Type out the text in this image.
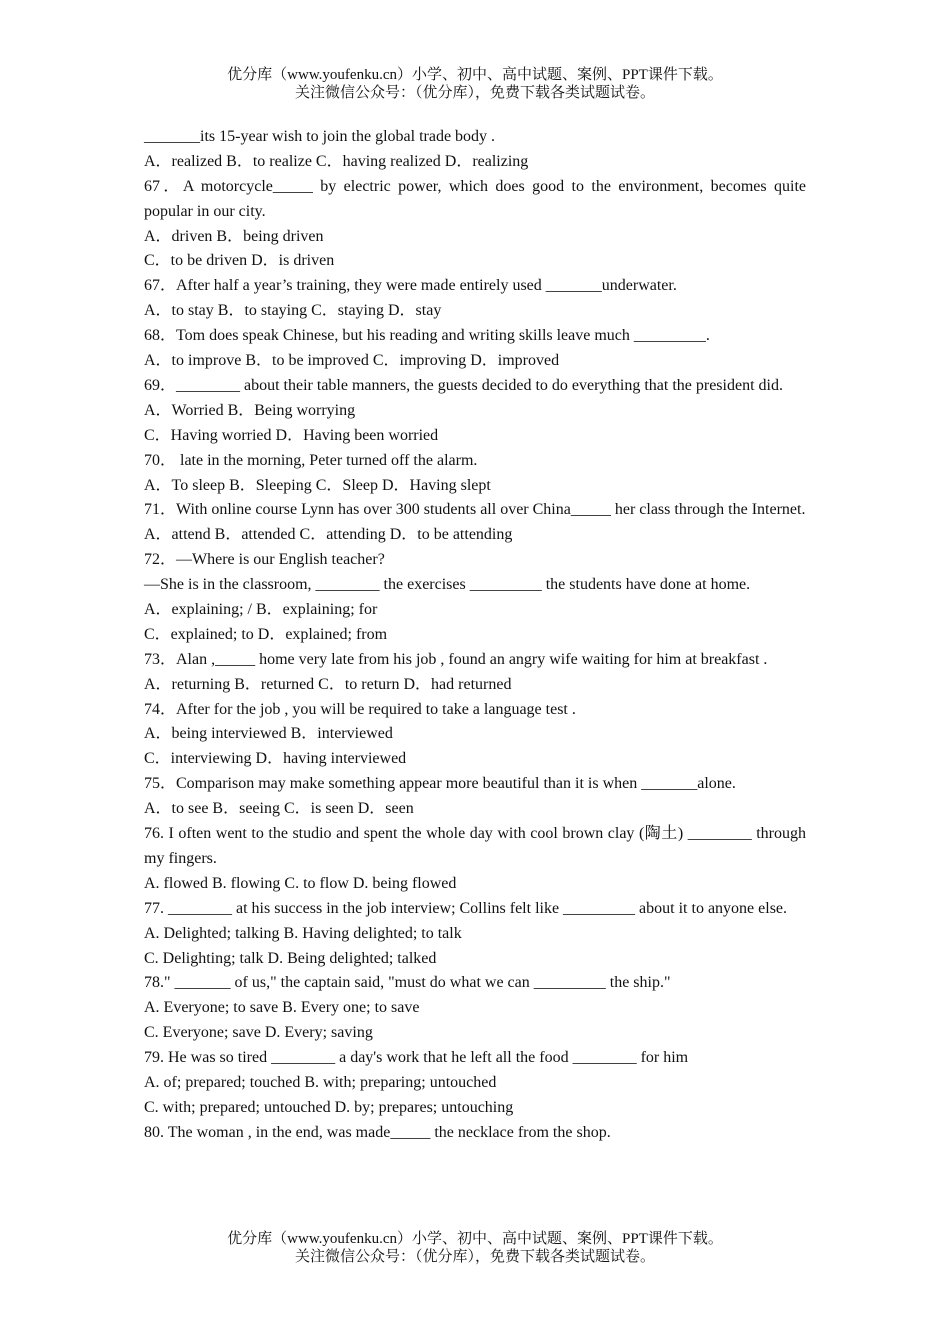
优分库（www.youfenku.cn）小学、初中、高中试题、案例、PPT课件下载。
关注微信公众号：（优分库），免费下载各类试题试卷。
_______its 15-year wish to join the global trade body .
A．realized B．to realize C．having realized D．realizing
67．A motorcycle_____ by electric power, which does good to the environment, becomes quite popular in our city.
A．driven B．being driven
C．to be driven D．is driven
67．After half a year’s training, they were made entirely used _______underwater.
A．to stay B．to staying C．staying D．stay
68．Tom does speak Chinese, but his reading and writing skills leave much _________.
A．to improve B．to be improved C．improving D．improved
69．________ about their table manners, the guests decided to do everything that the president did.
A．Worried B．Being worrying
C．Having worried D．Having been worried
70． late in the morning, Peter turned off the alarm.
A．To sleep B．Sleeping C．Sleep D．Having slept
71．With online course Lynn has over 300 students all over China_____ her class through the Internet.
A．attend B．attended C．attending D．to be attending
72．—Where is our English teacher?
—She is in the classroom, ________ the exercises _________ the students have done at home.
A．explaining; / B．explaining; for
C．explained; to D．explained; from
73．Alan ,_____ home very late from his job , found an angry wife waiting for him at breakfast .
A．returning B．returned C．to return D．had returned
74．After for the job , you will be required to take a language test .
A．being interviewed B．interviewed
C．interviewing D．having interviewed
75．Comparison may make something appear more beautiful than it is when _______alone.
A．to see B．seeing C．is seen D．seen
76. I often went to the studio and spent the whole day with cool brown clay (陶土) ________ through my fingers.
A. flowed B. flowing C. to flow D. being flowed
77. ________ at his success in the job interview; Collins felt like _________ about it to anyone else.
A. Delighted; talking B. Having delighted; to talk
C. Delighting; talk D. Being delighted; talked
78." _______ of us," the captain said, "must do what we can _________ the ship."
A. Everyone; to save B. Every one; to save
C. Everyone; save D. Every; saving
79. He was so tired ________ a day's work that he left all the food ________ for him
A. of; prepared; touched B. with; preparing; untouched
C. with; prepared; untouched D. by; prepares; untouching
80. The woman , in the end, was made_____ the necklace from the shop.
优分库（www.youfenku.cn）小学、初中、高中试题、案例、PPT课件下载。
关注微信公众号：（优分库），免费下载各类试题试卷。
